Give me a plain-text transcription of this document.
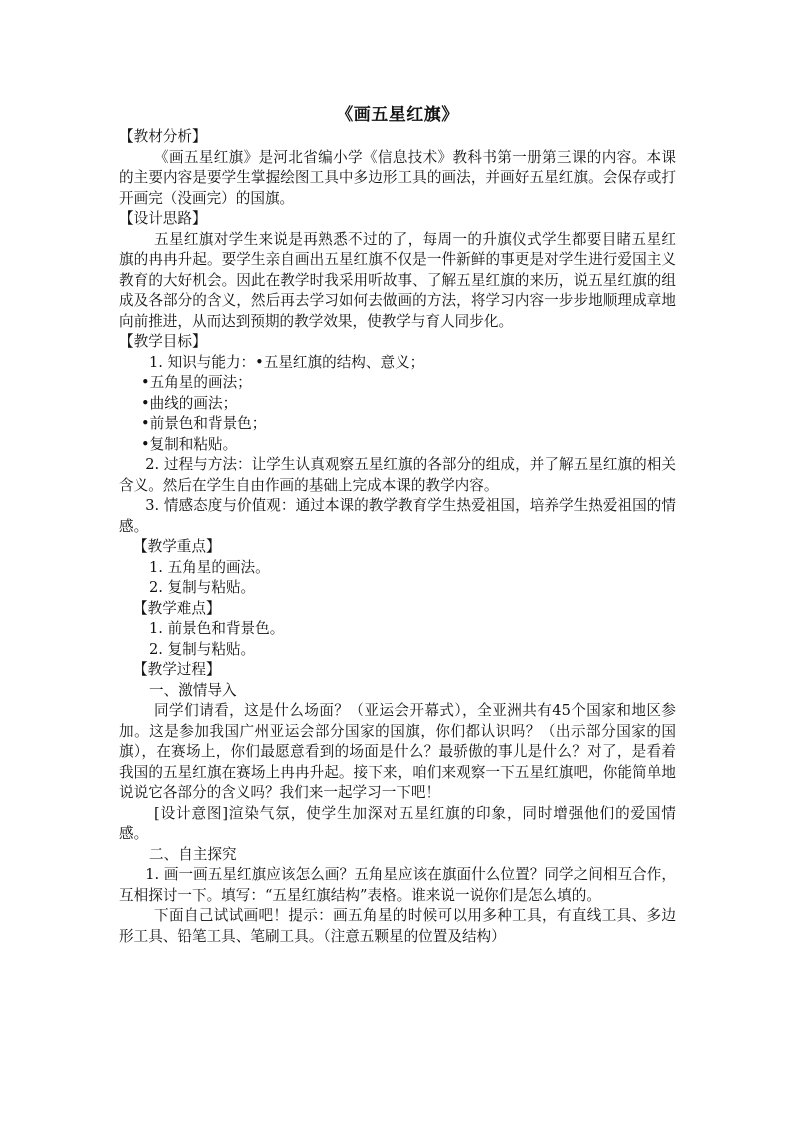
《画五星红旗》
【教材分析】
《画五星红旗》是河北省编小学《信息技术》教科书第一册第三课的内容。本课的主要内容是要学生掌握绘图工具中多边形工具的画法，并画好五星红旗。会保存或打开画完（没画完）的国旗。
【设计思路】
五星红旗对学生来说是再熟悉不过的了，每周一的升旗仪式学生都要目睹五星红旗的冉冉升起。要学生亲自画出五星红旗不仅是一件新鲜的事更是对学生进行爱国主义教育的大好机会。因此在教学时我采用听故事、了解五星红旗的来历，说五星红旗的组成及各部分的含义，然后再去学习如何去做画的方法，将学习内容一步步地顺理成章地向前推进，从而达到预期的教学效果，使教学与育人同步化。
【教学目标】
1. 知识与能力：•五星红旗的结构、意义；
•五角星的画法；
•曲线的画法；
•前景色和背景色；
•复制和粘贴。
2. 过程与方法：让学生认真观察五星红旗的各部分的组成，并了解五星红旗的相关含义。然后在学生自由作画的基础上完成本课的教学内容。
3. 情感态度与价值观：通过本课的教学教育学生热爱祖国，培养学生热爱祖国的情感。
【教学重点】
1. 五角星的画法。
2. 复制与粘贴。
【教学难点】
1. 前景色和背景色。
2. 复制与粘贴。
【教学过程】
一、激情导入
同学们请看，这是什么场面？（亚运会开幕式），全亚洲共有45个国家和地区参加。这是参加我国广州亚运会部分国家的国旗，你们都认识吗？（出示部分国家的国旗），在赛场上，你们最愿意看到的场面是什么？最骄傲的事儿是什么？对了，是看着我国的五星红旗在赛场上冉冉升起。接下来，咱们来观察一下五星红旗吧，你能简单地说说它各部分的含义吗？我们来一起学习一下吧！
[设计意图]渲染气氛，使学生加深对五星红旗的印象，同时增强他们的爱国情感。
二、自主探究
1. 画一画五星红旗应该怎么画？五角星应该在旗面什么位置？同学之间相互合作，互相探讨一下。填写：“五星红旗结构”表格。谁来说一说你们是怎么填的。
下面自己试试画吧！提示：画五角星的时候可以用多种工具，有直线工具、多边形工具、铅笔工具、笔刷工具。（注意五颗星的位置及结构）
